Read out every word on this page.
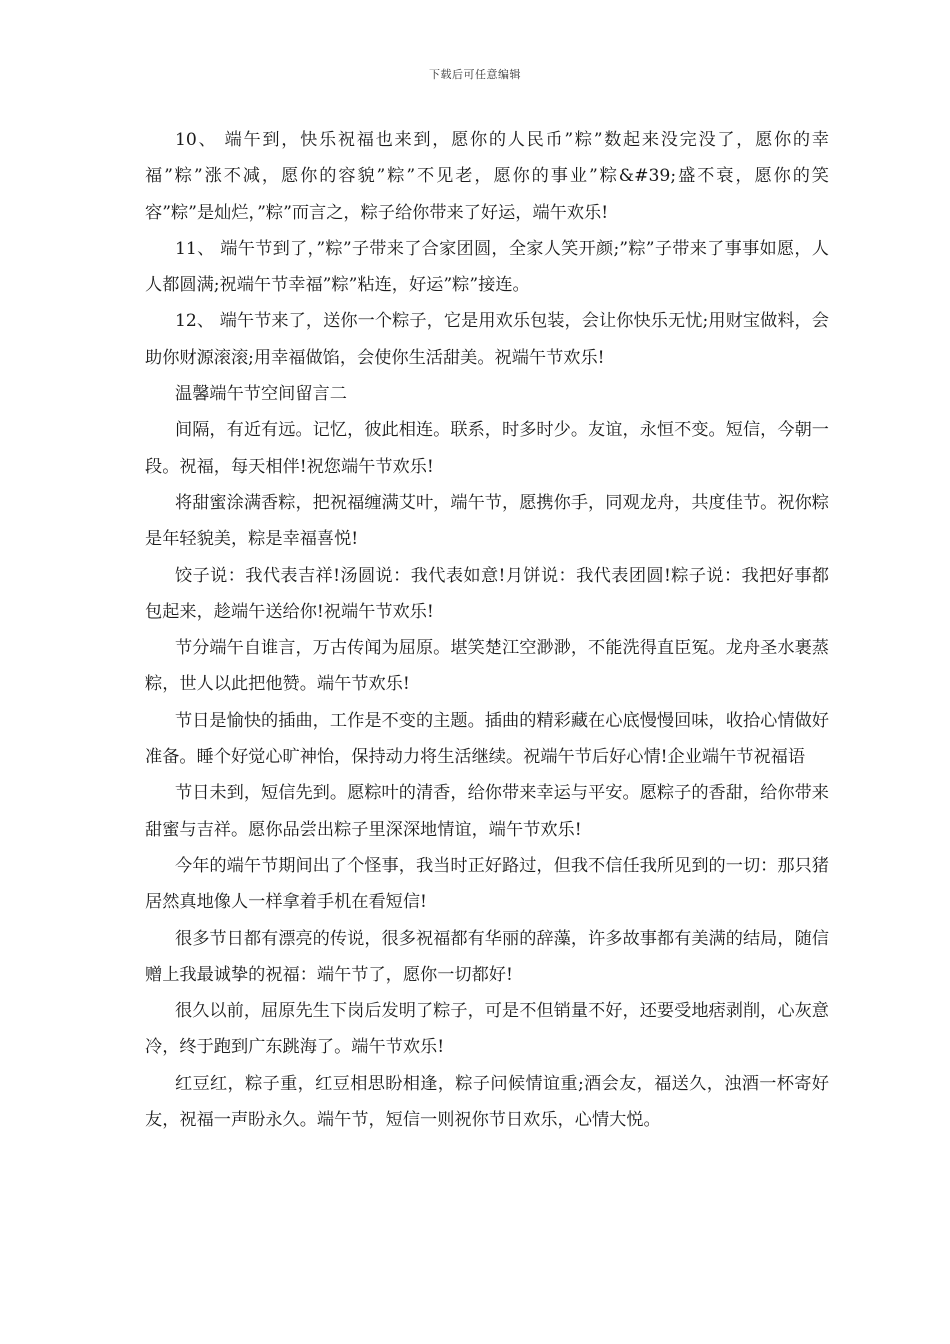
下载后可任意编辑

10、 端午到，快乐祝福也来到，愿你的人民币”粽”数起来没完没了，愿你的幸福”粽”涨不减，愿你的容貌”粽”不见老，愿你的事业”粽&#39;盛不衰，愿你的笑容”粽”是灿烂，”粽”而言之，粽子给你带来了好运，端午欢乐!

11、 端午节到了，”粽”子带来了合家团圆，全家人笑开颜;”粽”子带来了事事如愿，人人都圆满;祝端午节幸福”粽”粘连，好运”粽”接连。

12、 端午节来了，送你一个粽子，它是用欢乐包装，会让你快乐无忧;用财宝做料，会助你财源滚滚;用幸福做馅，会使你生活甜美。祝端午节欢乐!

温馨端午节空间留言二

间隔，有近有远。记忆，彼此相连。联系，时多时少。友谊，永恒不变。短信，今朝一段。祝福，每天相伴!祝您端午节欢乐!

将甜蜜涂满香粽，把祝福缠满艾叶，端午节，愿携你手，同观龙舟，共度佳节。祝你粽是年轻貌美，粽是幸福喜悦!

饺子说：我代表吉祥!汤圆说：我代表如意!月饼说：我代表团圆!粽子说：我把好事都包起来，趁端午送给你!祝端午节欢乐!

节分端午自谁言，万古传闻为屈原。堪笑楚江空渺渺，不能洗得直臣冤。龙舟圣水裹蒸粽，世人以此把他赞。端午节欢乐!

节日是愉快的插曲，工作是不变的主题。插曲的精彩藏在心底慢慢回味，收拾心情做好准备。睡个好觉心旷神怡，保持动力将生活继续。祝端午节后好心情!企业端午节祝福语

节日未到，短信先到。愿粽叶的清香，给你带来幸运与平安。愿粽子的香甜，给你带来甜蜜与吉祥。愿你品尝出粽子里深深地情谊，端午节欢乐!

今年的端午节期间出了个怪事，我当时正好路过，但我不信任我所见到的一切：那只猪居然真地像人一样拿着手机在看短信!

很多节日都有漂亮的传说，很多祝福都有华丽的辞藻，许多故事都有美满的结局，随信赠上我最诚挚的祝福：端午节了，愿你一切都好!

很久以前，屈原先生下岗后发明了粽子，可是不但销量不好，还要受地痞剥削，心灰意冷，终于跑到广东跳海了。端午节欢乐!

红豆红，粽子重，红豆相思盼相逢，粽子问候情谊重;酒会友，福送久，浊酒一杯寄好友，祝福一声盼永久。端午节，短信一则祝你节日欢乐，心情大悦。
